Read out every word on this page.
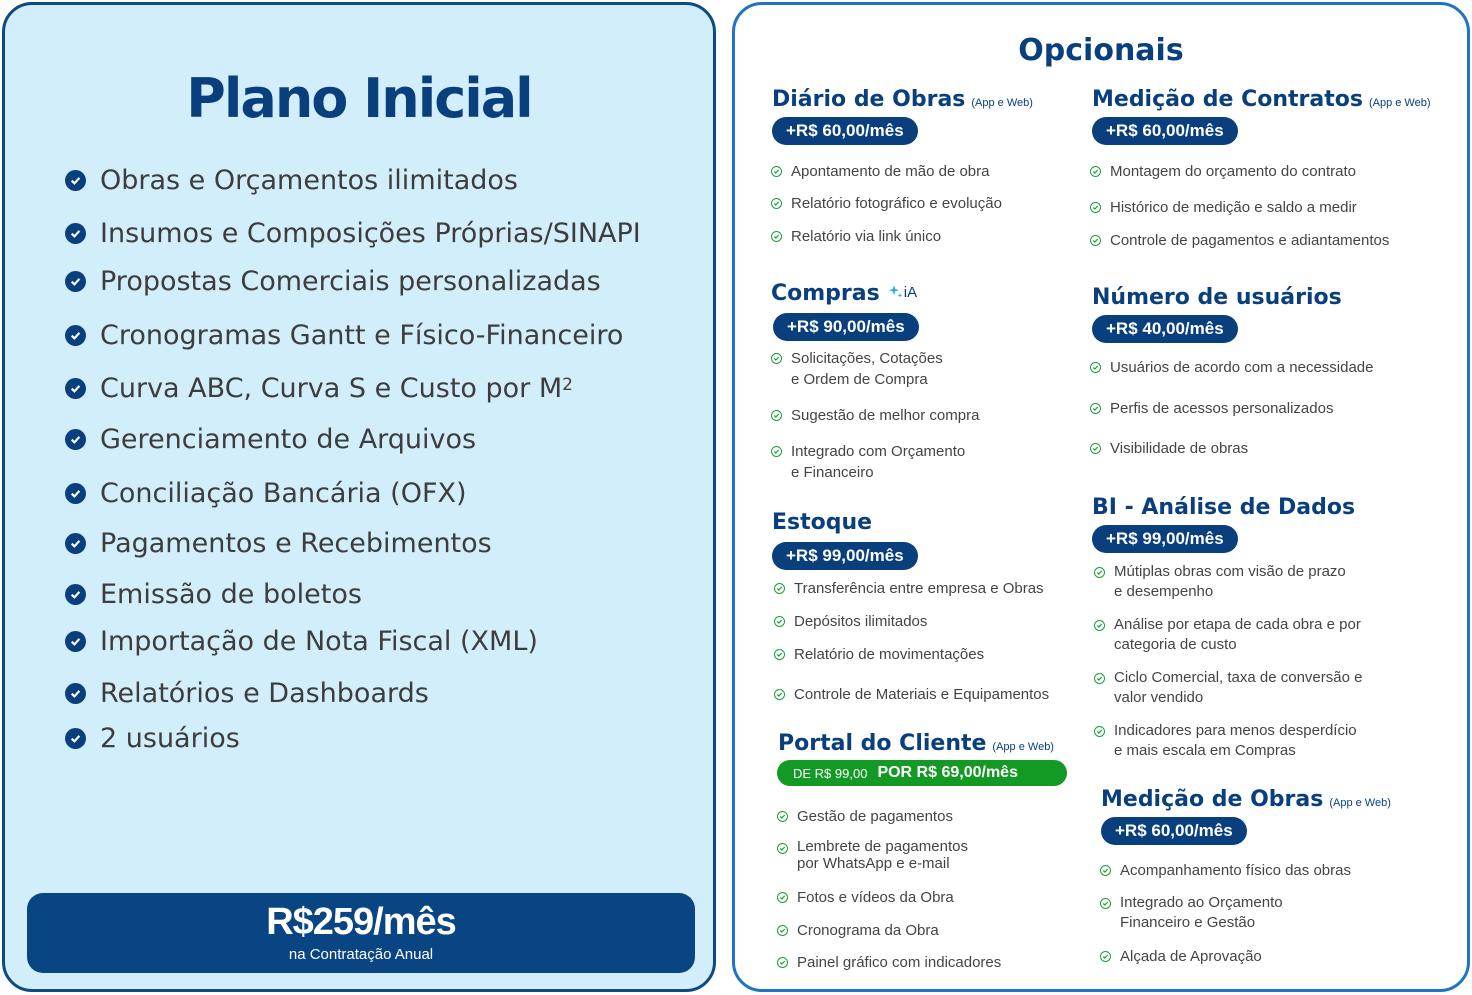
Plano Inicial
Obras e Orçamentos ilimitados
Insumos e Composições Próprias/SINAPI
Propostas Comerciais personalizadas
Cronogramas Gantt e Físico-Financeiro
Curva ABC, Curva S e Custo por $M^2$
Gerenciamento de Arquivos
Conciliação Bancária (OFX)
Pagamentos e Recebimentos
Emissão de boletos
Importação de Nota Fiscal (XML)
Relatórios e Dashboards
2 usuários
R$259/mês
na Contratação Anual
Opcionais
Diário de Obras (App e Web)
+R$ 60,00/mês
Apontamento de mão de obra
Relatório fotográfico e evolução
Relatório via link único
Compras iA
+R$ 90,00/mês
Solicitações, Cotações
e Ordem de Compra
Sugestão de melhor compra
Integrado com Orçamento
e Financeiro
Estoque
+R$ 99,00/mês
Transferência entre empresa e Obras
Depósitos ilimitados
Relatório de movimentações
Controle de Materiais e Equipamentos
Portal do Cliente (App e Web)
DE R$ 99,00 POR R$ 69,00/mês
Gestão de pagamentos
Lembrete de pagamentos
por WhatsApp e e-mail
Fotos e vídeos da Obra
Cronograma da Obra
Painel gráfico com indicadores
Medição de Contratos (App e Web)
+R$ 60,00/mês
Montagem do orçamento do contrato
Histórico de medição e saldo a medir
Controle de pagamentos e adiantamentos
Número de usuários
+R$ 40,00/mês
Usuários de acordo com a necessidade
Perfis de acessos personalizados
Visibilidade de obras
BI - Análise de Dados
+R$ 99,00/mês
Mútiplas obras com visão de prazo
e desempenho
Análise por etapa de cada obra e por
categoria de custo
Ciclo Comercial, taxa de conversão e
valor vendido
Indicadores para menos desperdício
e mais escala em Compras
Medição de Obras (App e Web)
+R$ 60,00/mês
Acompanhamento físico das obras
Integrado ao Orçamento
Financeiro e Gestão
Alçada de Aprovação
